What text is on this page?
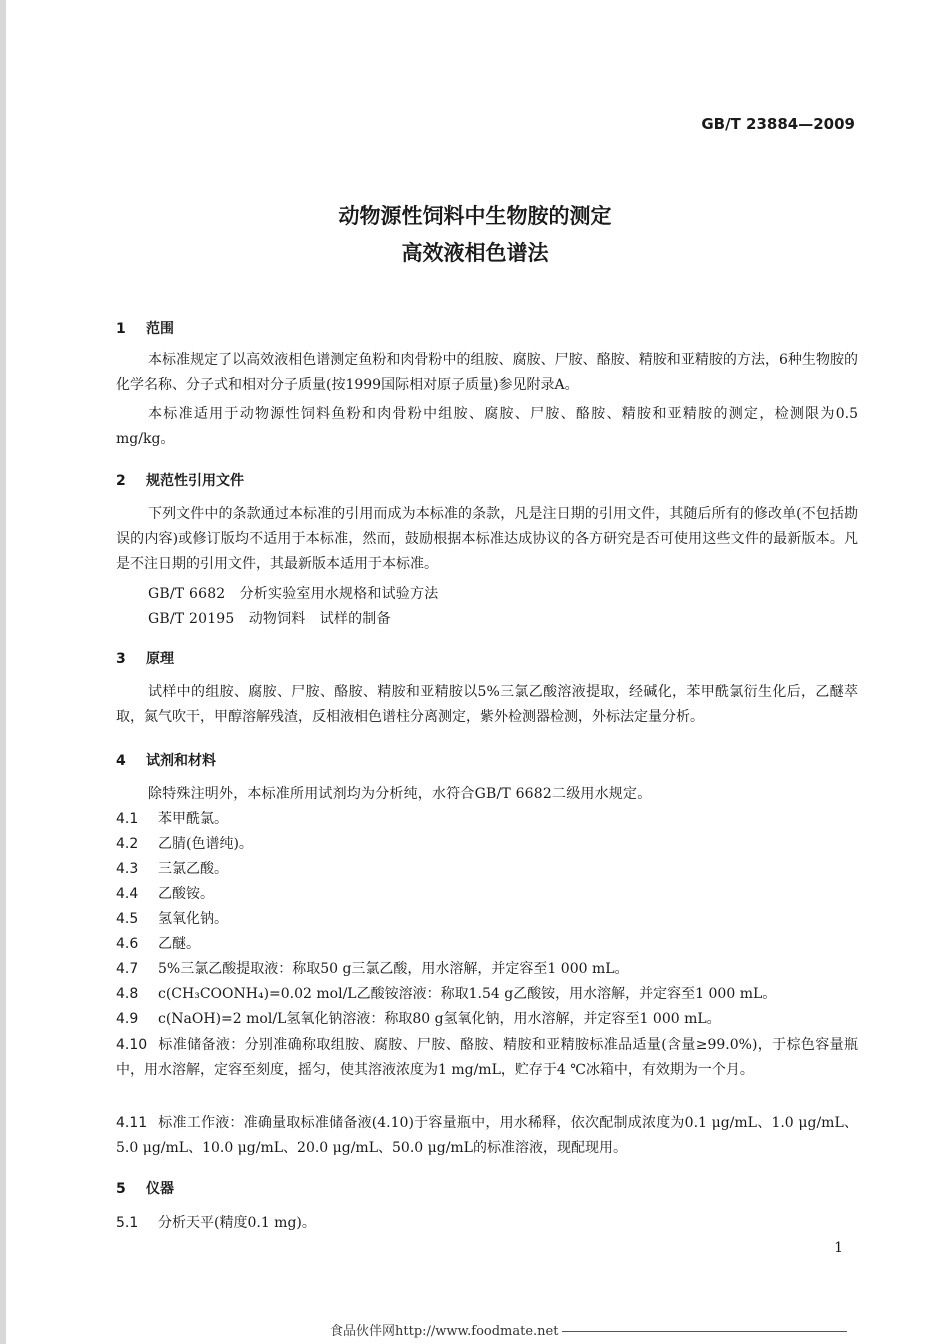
GB/T 23884—2009
动物源性饲料中生物胺的测定
高效液相色谱法
1 范围
本标准规定了以高效液相色谱测定鱼粉和肉骨粉中的组胺、腐胺、尸胺、酪胺、精胺和亚精胺的方法，6种生物胺的化学名称、分子式和相对分子质量(按1999国际相对原子质量)参见附录A。
本标准适用于动物源性饲料鱼粉和肉骨粉中组胺、腐胺、尸胺、酪胺、精胺和亚精胺的测定，检测限为0.5 mg/kg。
2 规范性引用文件
下列文件中的条款通过本标准的引用而成为本标准的条款，凡是注日期的引用文件，其随后所有的修改单(不包括勘误的内容)或修订版均不适用于本标准，然而，鼓励根据本标准达成协议的各方研究是否可使用这些文件的最新版本。凡是不注日期的引用文件，其最新版本适用于本标准。
GB/T 6682　分析实验室用水规格和试验方法
GB/T 20195　动物饲料　试样的制备
3 原理
试样中的组胺、腐胺、尸胺、酪胺、精胺和亚精胺以5%三氯乙酸溶液提取，经碱化，苯甲酰氯衍生化后，乙醚萃取，氮气吹干，甲醇溶解残渣，反相液相色谱柱分离测定，紫外检测器检测，外标法定量分析。
4 试剂和材料
除特殊注明外，本标准所用试剂均为分析纯，水符合GB/T 6682二级用水规定。
4.1 苯甲酰氯。
4.2 乙腈(色谱纯)。
4.3 三氯乙酸。
4.4 乙酸铵。
4.5 氢氧化钠。
4.6 乙醚。
4.7 5%三氯乙酸提取液：称取50 g三氯乙酸，用水溶解，并定容至1 000 mL。
4.8 c(CH₃COONH₄)=0.02 mol/L乙酸铵溶液：称取1.54 g乙酸铵，用水溶解，并定容至1 000 mL。
4.9 c(NaOH)=2 mol/L氢氧化钠溶液：称取80 g氢氧化钠，用水溶解，并定容至1 000 mL。
4.10 标准储备液：分别准确称取组胺、腐胺、尸胺、酪胺、精胺和亚精胺标准品适量(含量≥99.0%)，于棕色容量瓶中，用水溶解，定容至刻度，摇匀，使其溶液浓度为1 mg/mL，贮存于4 ℃冰箱中，有效期为一个月。
4.11 标准工作液：准确量取标准储备液(4.10)于容量瓶中，用水稀释，依次配制成浓度为0.1 μg/mL、1.0 μg/mL、5.0 μg/mL、10.0 μg/mL、20.0 μg/mL、50.0 μg/mL的标准溶液，现配现用。
5 仪器
5.1 分析天平(精度0.1 mg)。
1
食品伙伴网http://www.foodmate.net
